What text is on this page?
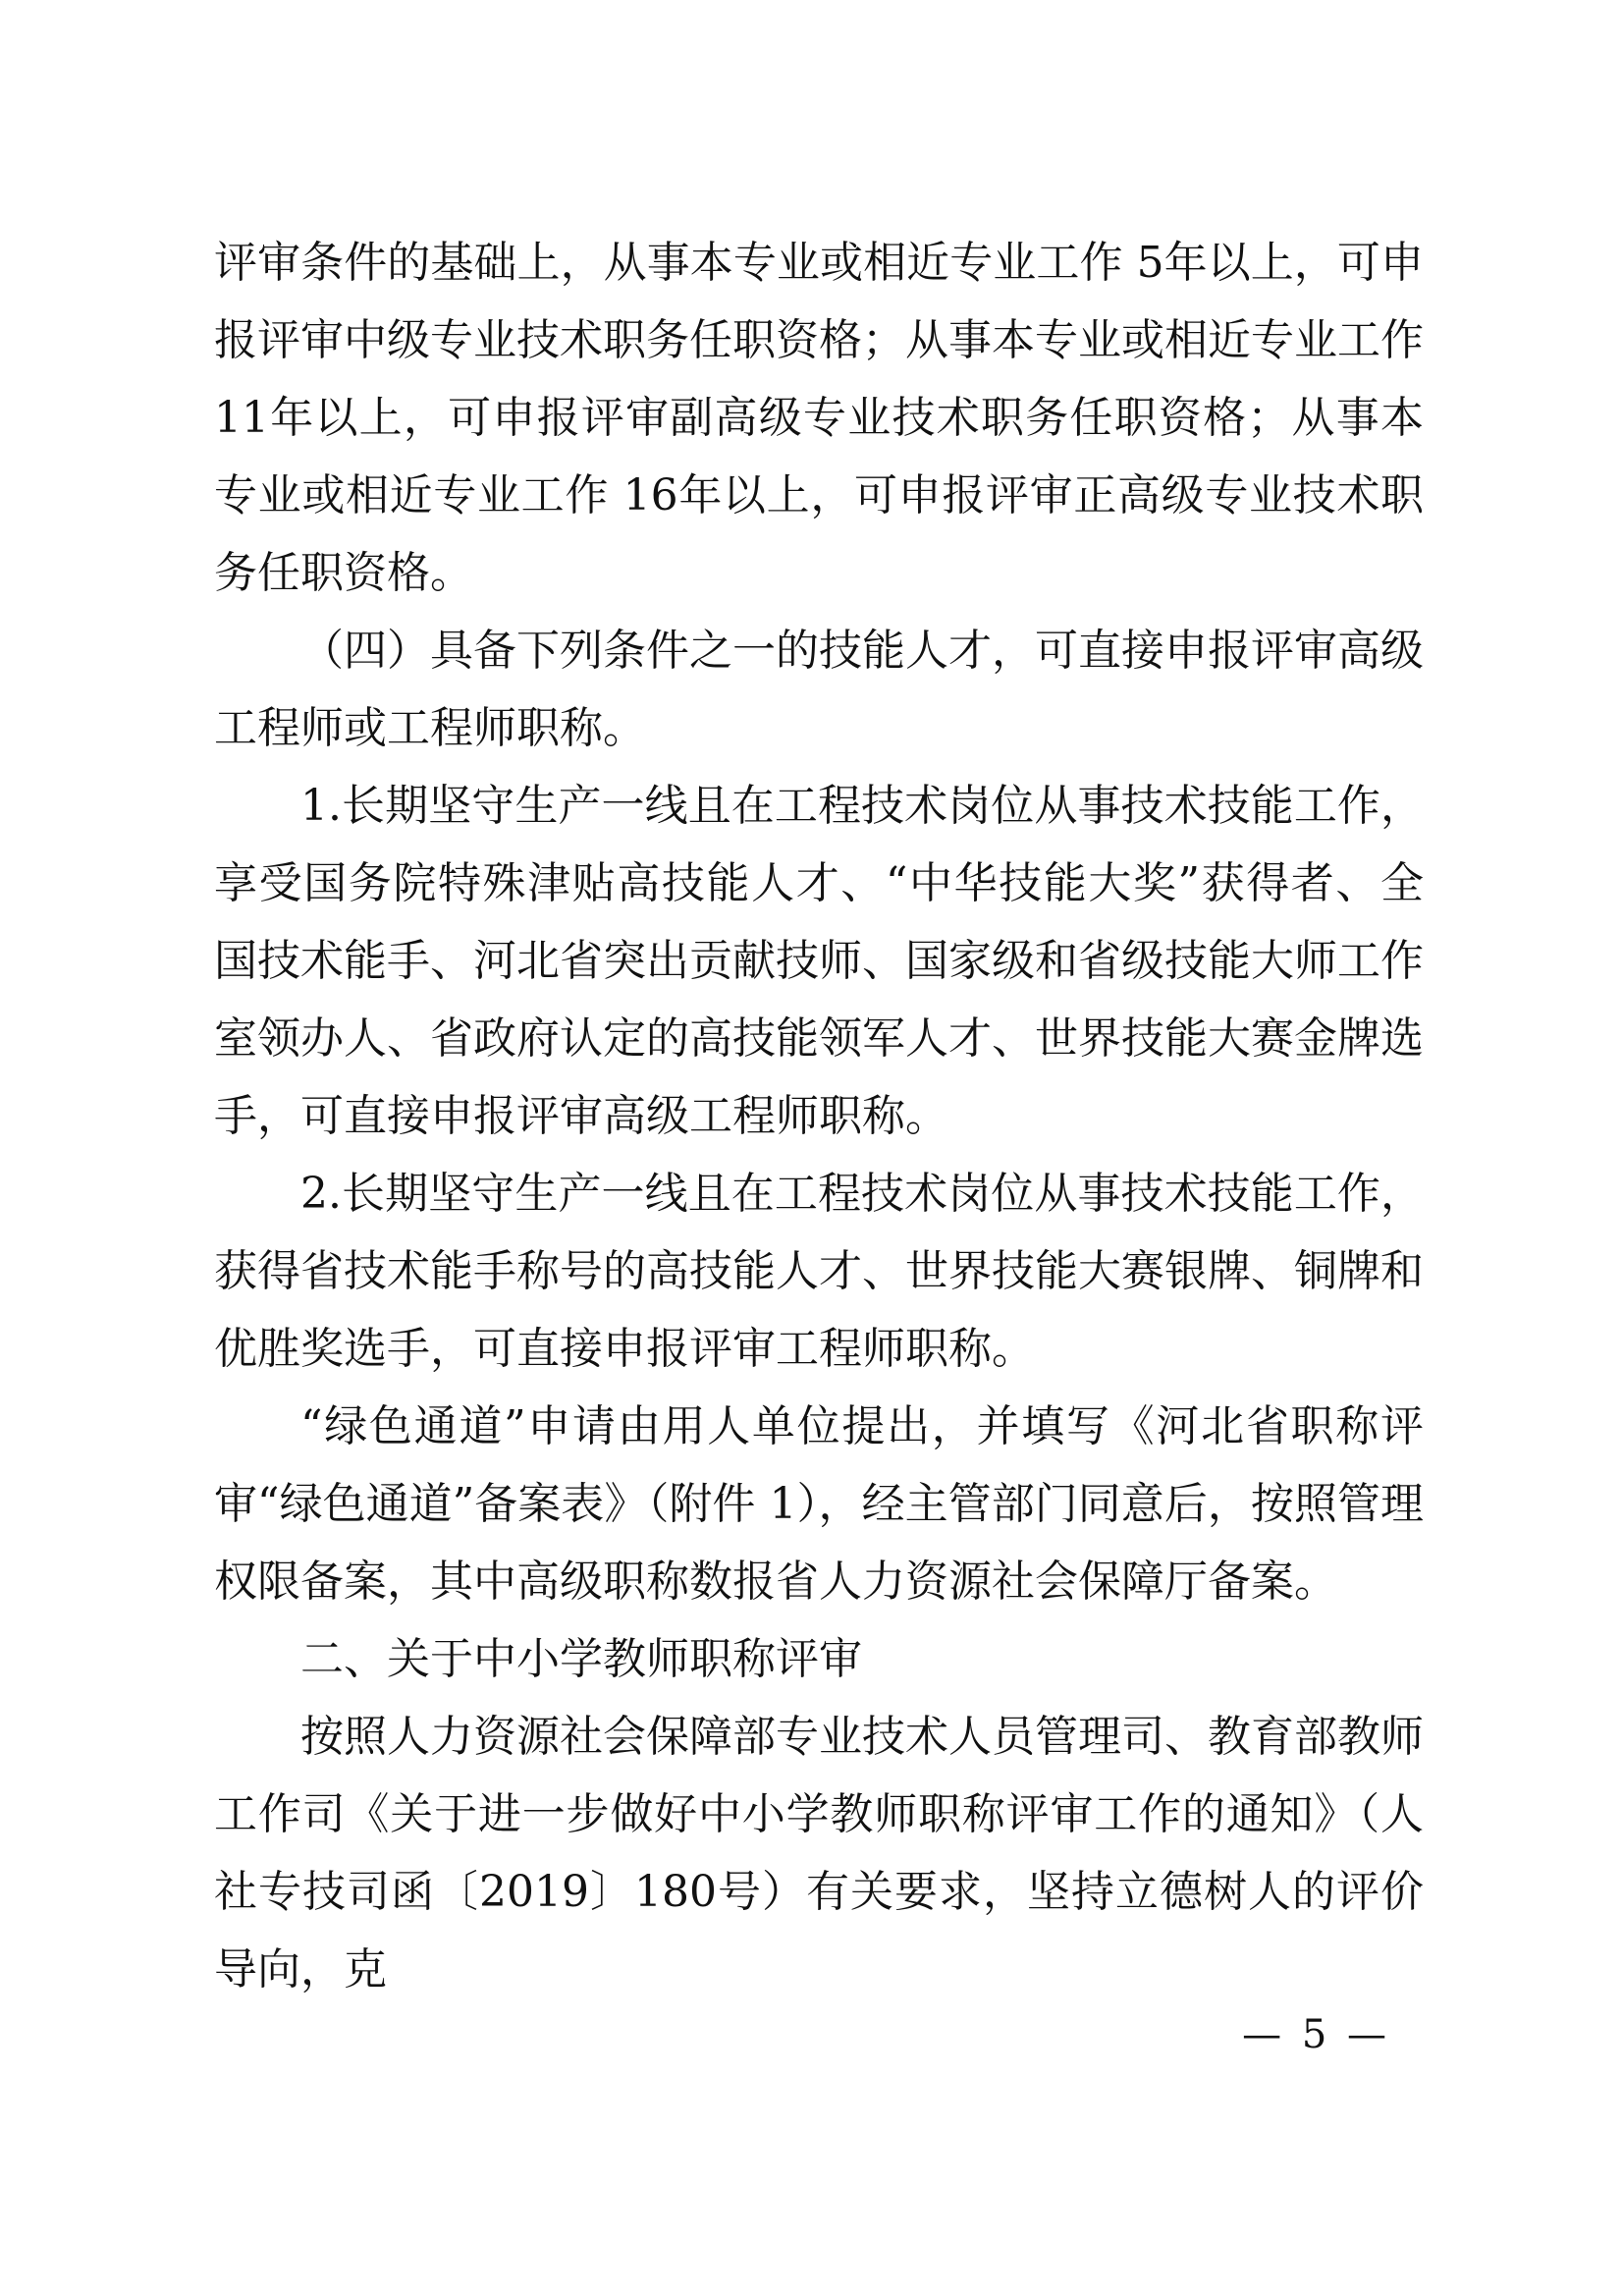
评审条件的基础上，从事本专业或相近专业工作 5年以上，可申报评审中级专业技术职务任职资格；从事本专业或相近专业工作 11年以上，可申报评审副高级专业技术职务任职资格；从事本专业或相近专业工作 16年以上，可申报评审正高级专业技术职务任职资格。

（四）具备下列条件之一的技能人才，可直接申报评审高级工程师或工程师职称。

1.长期坚守生产一线且在工程技术岗位从事技术技能工作，享受国务院特殊津贴高技能人才、“中华技能大奖”获得者、全国技术能手、河北省突出贡献技师、国家级和省级技能大师工作室领办人、省政府认定的高技能领军人才、世界技能大赛金牌选手，可直接申报评审高级工程师职称。

2.长期坚守生产一线且在工程技术岗位从事技术技能工作，获得省技术能手称号的高技能人才、世界技能大赛银牌、铜牌和优胜奖选手，可直接申报评审工程师职称。

“绿色通道”申请由用人单位提出，并填写《河北省职称评审“绿色通道”备案表》（附件 1），经主管部门同意后，按照管理权限备案，其中高级职称数报省人力资源社会保障厅备案。

二、关于中小学教师职称评审

按照人力资源社会保障部专业技术人员管理司、教育部教师工作司《关于进一步做好中小学教师职称评审工作的通知》（人社专技司函〔2019〕180号）有关要求，坚持立德树人的评价导向，克

— 5 —
